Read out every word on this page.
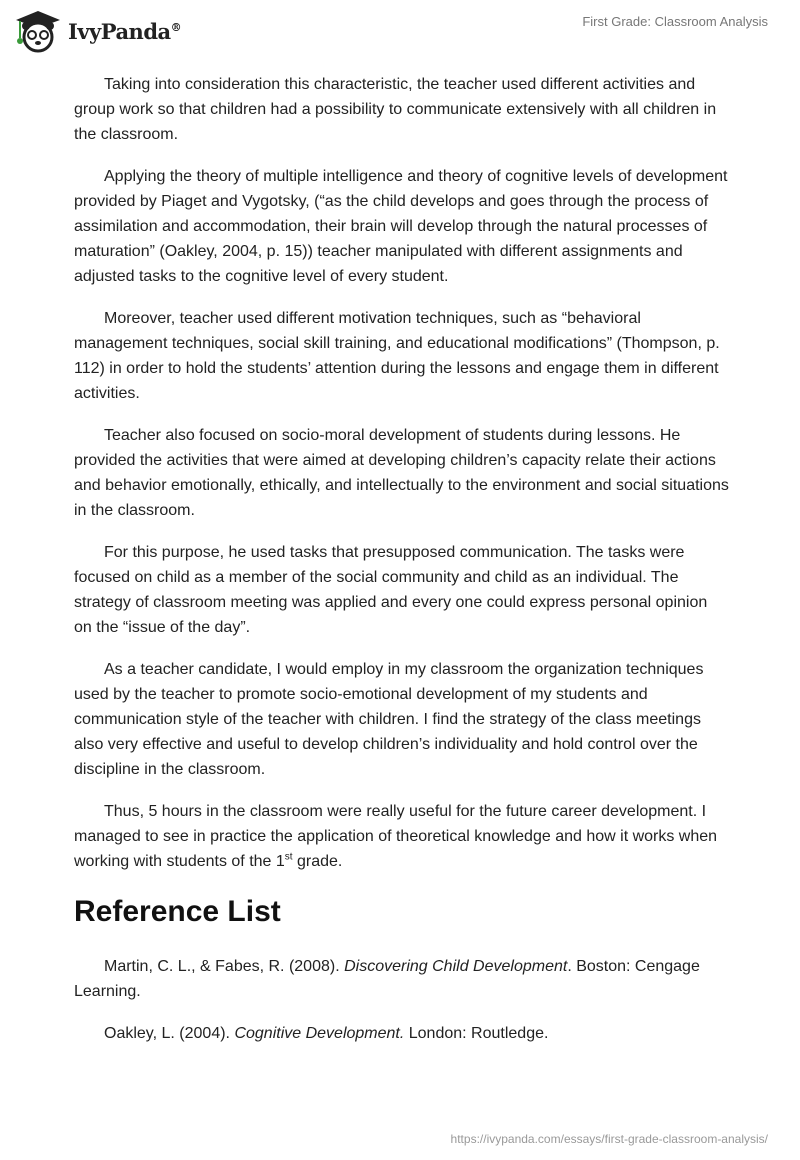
IvyPanda®	First Grade: Classroom Analysis

Taking into consideration this characteristic, the teacher used different activities and group work so that children had a possibility to communicate extensively with all children in the classroom.

Applying the theory of multiple intelligence and theory of cognitive levels of development provided by Piaget and Vygotsky, (“as the child develops and goes through the process of assimilation and accommodation, their brain will develop through the natural processes of maturation” (Oakley, 2004, p. 15)) teacher manipulated with different assignments and adjusted tasks to the cognitive level of every student.

Moreover, teacher used different motivation techniques, such as “behavioral management techniques, social skill training, and educational modifications” (Thompson, p. 112) in order to hold the students’ attention during the lessons and engage them in different activities.

Teacher also focused on socio-moral development of students during lessons. He provided the activities that were aimed at developing children’s capacity relate their actions and behavior emotionally, ethically, and intellectually to the environment and social situations in the classroom.

For this purpose, he used tasks that presupposed communication. The tasks were focused on child as a member of the social community and child as an individual. The strategy of classroom meeting was applied and every one could express personal opinion on the “issue of the day”.

As a teacher candidate, I would employ in my classroom the organization techniques used by the teacher to promote socio-emotional development of my students and communication style of the teacher with children. I find the strategy of the class meetings also very effective and useful to develop children’s individuality and hold control over the discipline in the classroom.

Thus, 5 hours in the classroom were really useful for the future career development. I managed to see in practice the application of theoretical knowledge and how it works when working with students of the 1st grade.

Reference List

Martin, C. L., & Fabes, R. (2008). Discovering Child Development. Boston: Cengage Learning.

Oakley, L. (2004). Cognitive Development. London: Routledge.

https://ivypanda.com/essays/first-grade-classroom-analysis/
